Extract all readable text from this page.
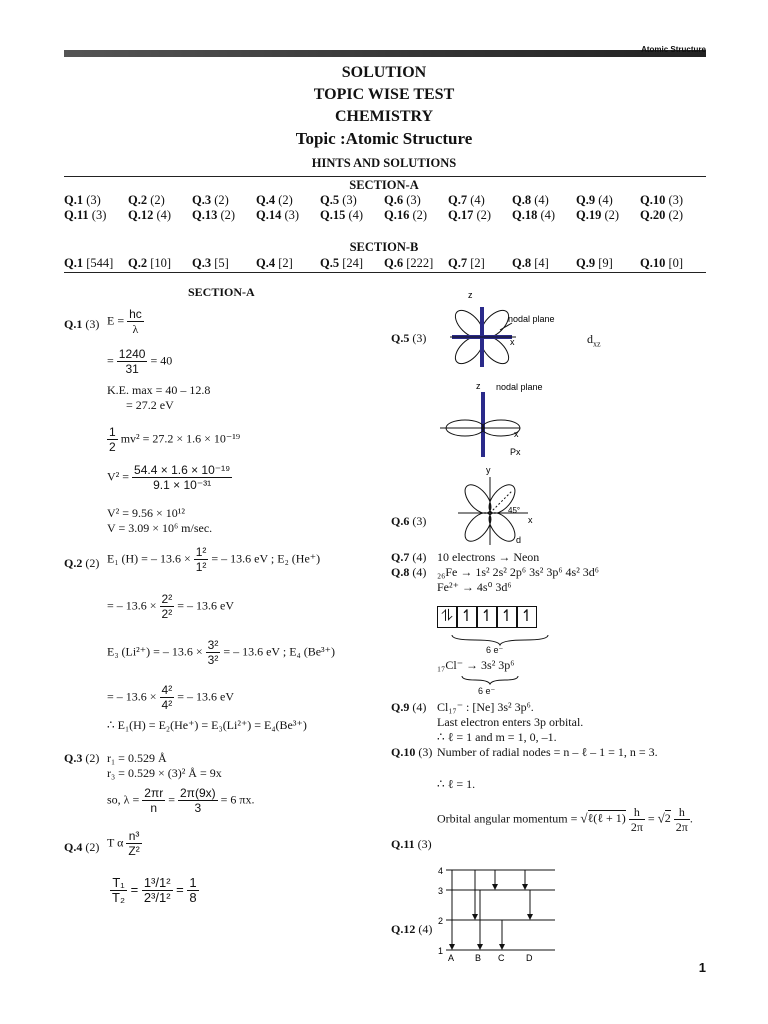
Atomic Structure
SOLUTION
TOPIC WISE TEST
CHEMISTRY
Topic :Atomic Structure
HINTS AND SOLUTIONS
SECTION-A
Q.1 (3)	Q.2 (2)	Q.3 (2)	Q.4 (2)	Q.5 (3)	Q.6 (3)	Q.7 (4)	Q.8 (4)	Q.9 (4)	Q.10 (3)
Q.11 (3)	Q.12 (4)	Q.13 (2)	Q.14 (3)	Q.15 (4)	Q.16 (2)	Q.17 (2)	Q.18 (4)	Q.19 (2)	Q.20 (2)
SECTION-B
Q.1 [544]	Q.2 [10]	Q.3 [5]	Q.4 [2]	Q.5 [24]	Q.6 [222]	Q.7 [2]	Q.8 [4]	Q.9 [9]	Q.10 [0]
SECTION-A
Q.1 (3) $E = \frac{hc}{\lambda}$
= $\frac{1240}{31} = 40$
K.E. max = 40 – 12.8
= 27.2 eV
$\frac{1}{2} mv^2 = 27.2 \times 1.6 \times 10^{-19}$
$V^2 = \frac{\text{54.4 × 1.6 × 10⁻¹⁹}}{\text{9.1 × 10⁻³¹}}$
V² = 9.56 × 10¹²
V = 3.09 × 10⁶ m/sec.
Q.2 (2) E₁ (H) = – $13.6 \times \frac{\text{1²}}{\text{1²}}$ = – 13.6 eV ; E₂ (He⁺)
= – $13.6 \times \frac{\text{2²}}{\text{2²}}$ = – 13.6 eV
E₃ (Li²⁺) = – $13.6 \times \frac{\text{3²}}{\text{3²}}$ = – 13.6 eV ; E₄ (Be³⁺)
= – $13.6 \times \frac{\text{4²}}{\text{4²}}$ = – 13.6 eV
∴ E₁(H) = E₂(He⁺) = E₃(Li²⁺) = E₄(Be³⁺)
Q.3 (2) r₁ = 0.529 Å
r₃ = 0.529 × (3)² Å = 9x
so, $\lambda = \frac{2\pi r}{n} = \frac{2\pi(9x)}{3} = 6$ πx.
Q.4 (2) T α $\frac{\text{n³}}{\text{Z²}}$
$\frac{\text{T₁}}{\text{T₂}} = \frac{\text{1³/1²}}{\text{2³/1²}} = \frac{1}{8}$
z
nodal plane
x
Q.5 (3)	$d_{xz}$
z nodal plane
x
Px
y
45°
x
d
Q.6 (3)
Q.7 (4) 10 electrons → Neon
Q.8 (4) ₂₆Fe → 1s² 2s² 2p⁶ 3s² 3p⁶ 4s² 3d⁶
Fe²⁺ → 4s⁰ 3d⁶
⥮ ↿ ↿ ↿ ↿
6 e⁻
₁₇Cl⁻ → 3s² 3p⁶
6 e⁻
Q.9 (4) Cl₁₇⁻ : [Ne] 3s² 3p⁶.
Last electron enters 3p orbital.
∴ ℓ = 1 and m = 1, 0, –1.
Q.10 (3) Number of radial nodes = n – ℓ – 1 = 1, n = 3.
∴ ℓ = 1.
Orbital angular momentum = √ℓ(ℓ + $1) \frac{h}{2\pi} = √2 \frac{h}{2\pi}$ .
Q.11 (3)
Q.12 (4)
4
3
2
1
A B C D
1
